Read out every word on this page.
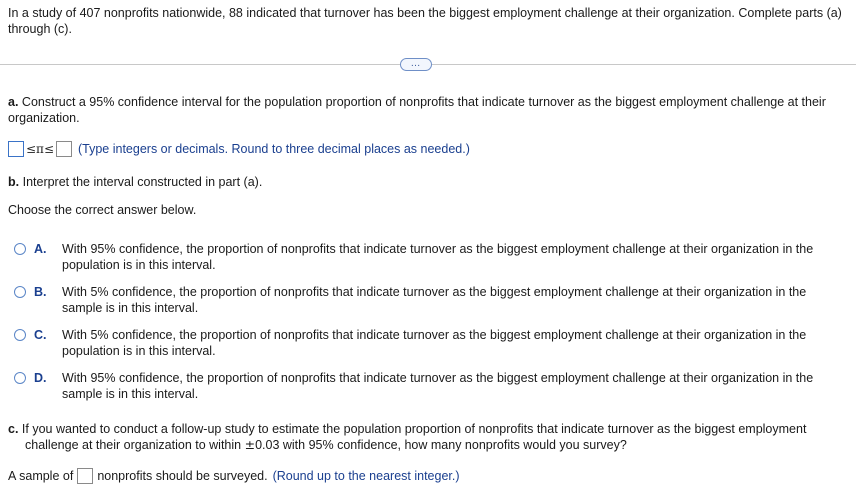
In a study of 407 nonprofits nationwide, 88 indicated that turnover has been the biggest employment challenge at their organization. Complete parts (a) through (c).
…
a. Construct a 95% confidence interval for the population proportion of nonprofits that indicate turnover as the biggest employment challenge at their organization.
≤π≤ (Type integers or decimals. Round to three decimal places as needed.)
b. Interpret the interval constructed in part (a).
Choose the correct answer below.
A.	With 95% confidence, the proportion of nonprofits that indicate turnover as the biggest employment challenge at their organization in the population is in this interval.
B.	With 5% confidence, the proportion of nonprofits that indicate turnover as the biggest employment challenge at their organization in the sample is in this interval.
C.	With 5% confidence, the proportion of nonprofits that indicate turnover as the biggest employment challenge at their organization in the population is in this interval.
D.	With 95% confidence, the proportion of nonprofits that indicate turnover as the biggest employment challenge at their organization in the sample is in this interval.
c. If you wanted to conduct a follow-up study to estimate the population proportion of nonprofits that indicate turnover as the biggest employment
challenge at their organization to within ±0.03 with 95% confidence, how many nonprofits would you survey?
A sample of nonprofits should be surveyed. (Round up to the nearest integer.)
